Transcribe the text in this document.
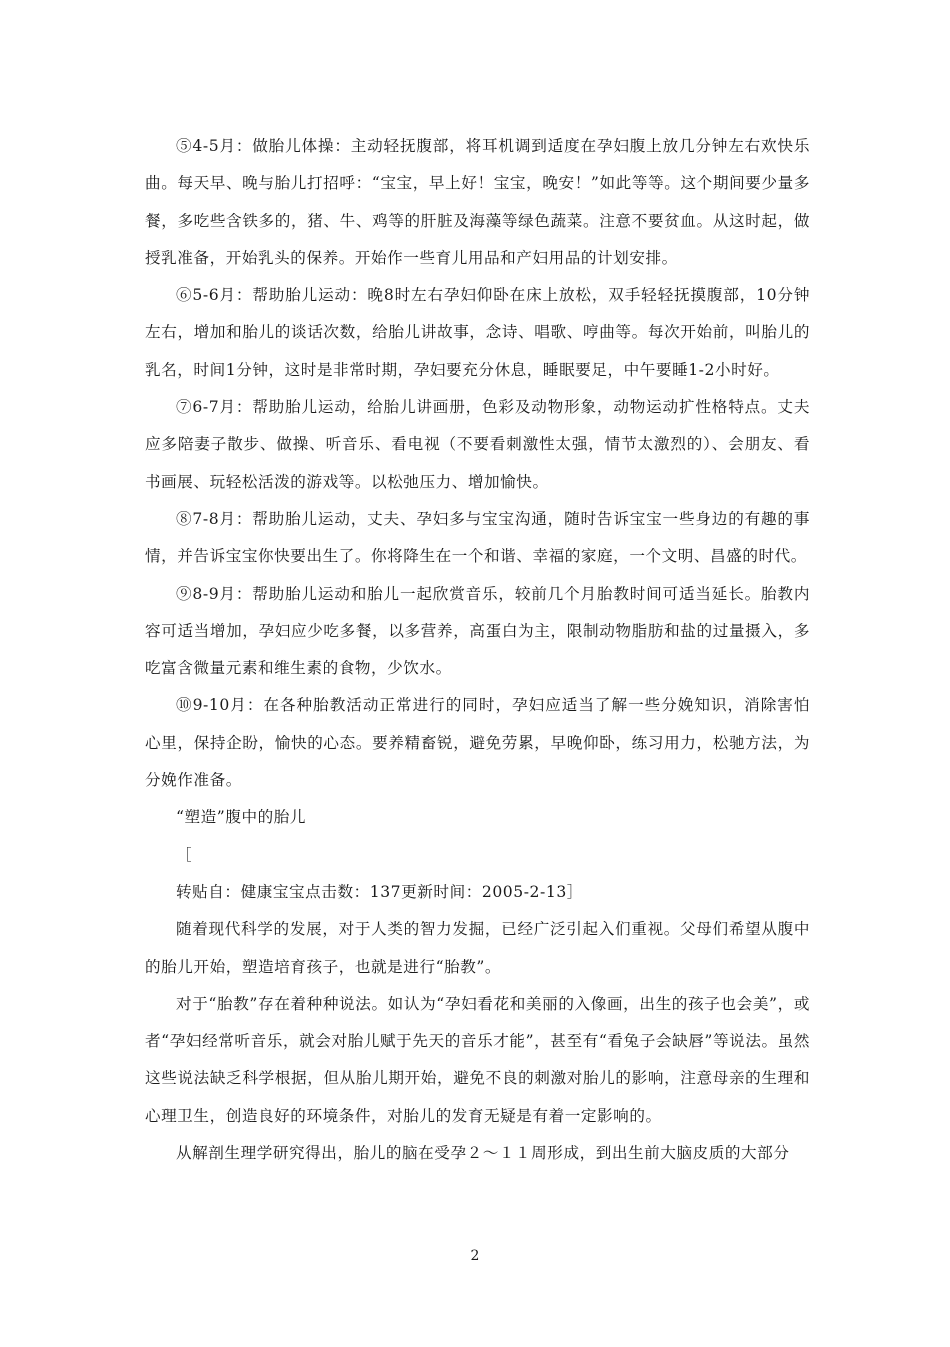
⑤4-5月：做胎儿体操：主动轻抚腹部，将耳机调到适度在孕妇腹上放几分钟左右欢快乐曲。每天早、晚与胎儿打招呼：“宝宝，早上好！宝宝，晚安！”如此等等。这个期间要少量多餐，多吃些含铁多的，猪、牛、鸡等的肝脏及海藻等绿色蔬菜。注意不要贫血。从这时起，做授乳准备，开始乳头的保养。开始作一些育儿用品和产妇用品的计划安排。

⑥5-6月：帮助胎儿运动：晚8时左右孕妇仰卧在床上放松，双手轻轻抚摸腹部，10分钟左右，增加和胎儿的谈话次数，给胎儿讲故事，念诗、唱歌、哼曲等。每次开始前，叫胎儿的乳名，时间1分钟，这时是非常时期，孕妇要充分休息，睡眠要足，中午要睡1-2小时好。

⑦6-7月：帮助胎儿运动，给胎儿讲画册，色彩及动物形象，动物运动扩性格特点。丈夫应多陪妻子散步、做操、听音乐、看电视（不要看刺激性太强，情节太激烈的）、会朋友、看书画展、玩轻松活泼的游戏等。以松弛压力、增加愉快。

⑧7-8月：帮助胎儿运动，丈夫、孕妇多与宝宝沟通，随时告诉宝宝一些身边的有趣的事情，并告诉宝宝你快要出生了。你将降生在一个和谐、幸福的家庭，一个文明、昌盛的时代。

⑨8-9月：帮助胎儿运动和胎儿一起欣赏音乐，较前几个月胎教时间可适当延长。胎教内容可适当增加，孕妇应少吃多餐，以多营养，高蛋白为主，限制动物脂肪和盐的过量摄入，多吃富含微量元素和维生素的食物，少饮水。

⑩9-10月：在各种胎教活动正常进行的同时，孕妇应适当了解一些分娩知识，消除害怕心里，保持企盼，愉快的心态。要养精畜锐，避免劳累，早晚仰卧，练习用力，松驰方法，为分娩作准备。

“塑造”腹中的胎儿

［

转贴自：健康宝宝点击数：137更新时间：2005-2-13］

随着现代科学的发展，对于人类的智力发掘，已经广泛引起入们重视。父母们希望从腹中的胎儿开始，塑造培育孩子，也就是进行“胎教”。

对于“胎教”存在着种种说法。如认为“孕妇看花和美丽的入像画，出生的孩子也会美”，或者“孕妇经常听音乐，就会对胎儿赋于先天的音乐才能”，甚至有“看兔子会缺唇”等说法。虽然这些说法缺乏科学根据，但从胎儿期开始，避免不良的刺激对胎儿的影响，注意母亲的生理和心理卫生，创造良好的环境条件，对胎儿的发育无疑是有着一定影响的。

从解剖生理学研究得出，胎儿的脑在受孕２～１１周形成，到出生前大脑皮质的大部分

2
